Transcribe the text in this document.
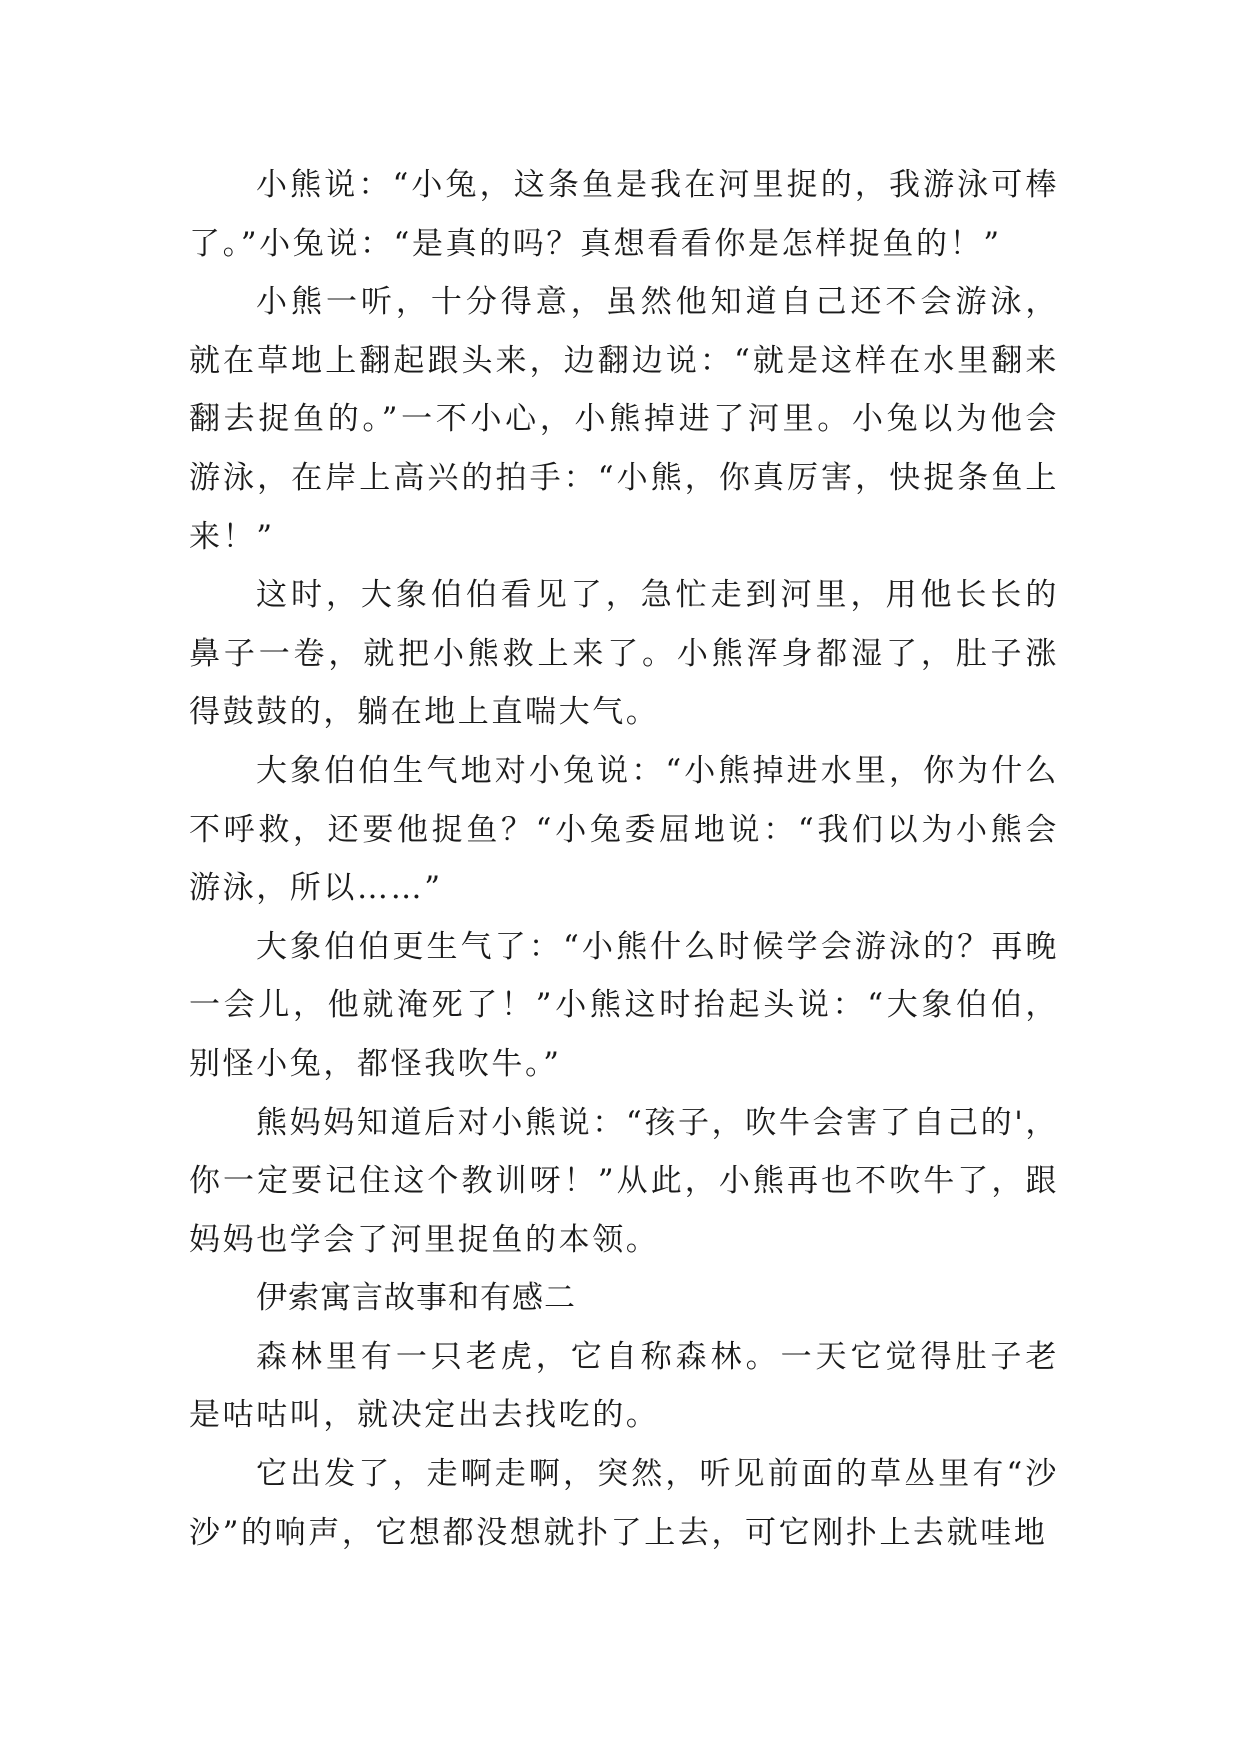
小熊说：“小兔，这条鱼是我在河里捉的，我游泳可棒了。”小兔说：“是真的吗？真想看看你是怎样捉鱼的！”

小熊一听，十分得意，虽然他知道自己还不会游泳，就在草地上翻起跟头来，边翻边说：“就是这样在水里翻来翻去捉鱼的。”一不小心，小熊掉进了河里。小兔以为他会游泳，在岸上高兴的拍手：“小熊，你真厉害，快捉条鱼上来！”

这时，大象伯伯看见了，急忙走到河里，用他长长的鼻子一卷，就把小熊救上来了。小熊浑身都湿了，肚子涨得鼓鼓的，躺在地上直喘大气。

大象伯伯生气地对小兔说：“小熊掉进水里，你为什么不呼救，还要他捉鱼？“小兔委屈地说：“我们以为小熊会游泳，所以……”

大象伯伯更生气了：“小熊什么时候学会游泳的？再晚一会儿，他就淹死了！”小熊这时抬起头说：“大象伯伯，别怪小兔，都怪我吹牛。”

熊妈妈知道后对小熊说：“孩子，吹牛会害了自己的'，你一定要记住这个教训呀！”从此，小熊再也不吹牛了，跟妈妈也学会了河里捉鱼的本领。

伊索寓言故事和有感二

森林里有一只老虎，它自称森林。一天它觉得肚子老是咕咕叫，就决定出去找吃的。

它出发了，走啊走啊，突然，听见前面的草丛里有“沙沙”的响声，它想都没想就扑了上去，可它刚扑上去就哇地
